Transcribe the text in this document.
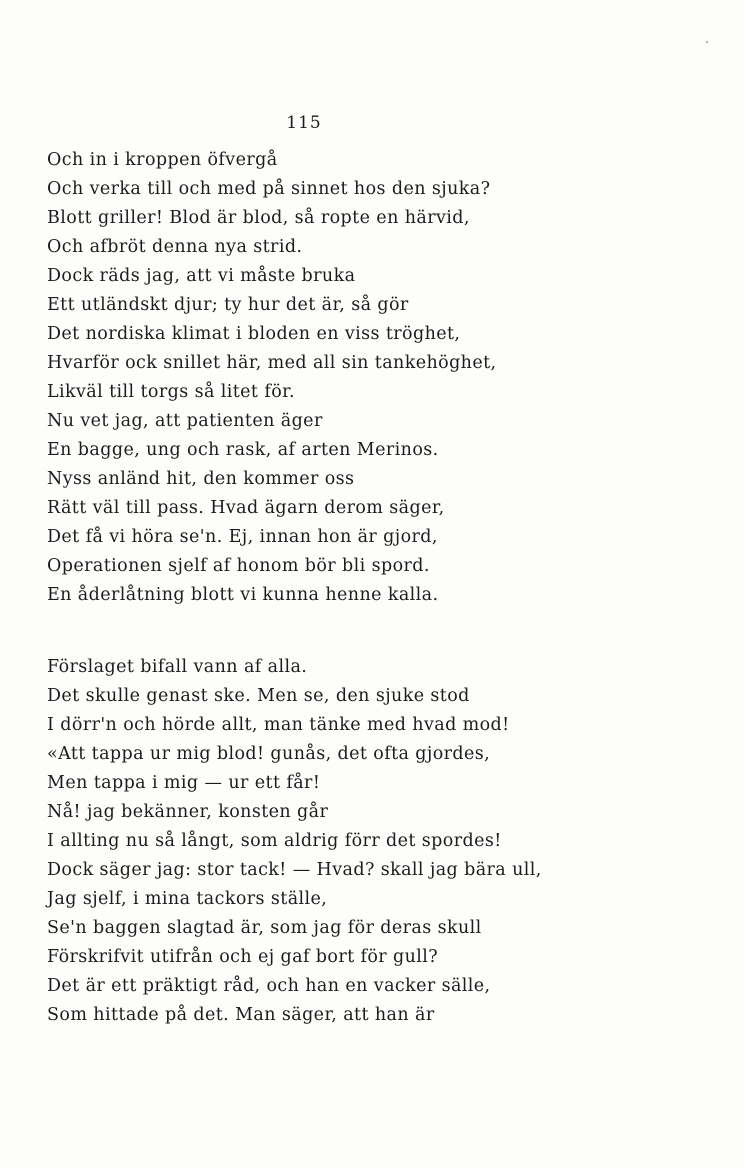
115
Och in i kroppen öfvergå
Och verka till och med på sinnet hos den sjuka?
Blott griller! Blod är blod, så ropte en härvid,
Och afbröt denna nya strid.
Dock räds jag, att vi måste bruka
Ett utländskt djur; ty hur det är, så gör
Det nordiska klimat i bloden en viss tröghet,
Hvarför ock snillet här, med all sin tankehöghet,
Likväl till torgs så litet för.
Nu vet jag, att patienten äger
En bagge, ung och rask, af arten Merinos.
Nyss anländ hit, den kommer oss
Rätt väl till pass. Hvad ägarn derom säger,
Det få vi höra se'n. Ej, innan hon är gjord,
Operationen sjelf af honom bör bli spord.
En åderlåtning blott vi kunna henne kalla.
Förslaget bifall vann af alla.
Det skulle genast ske. Men se, den sjuke stod
I dörr'n och hörde allt, man tänke med hvad mod!
«Att tappa ur mig blod! gunås, det ofta gjordes,
Men tappa i mig — ur ett får!
Nå! jag bekänner, konsten går
I allting nu så långt, som aldrig förr det spordes!
Dock säger jag: stor tack! — Hvad? skall jag bära ull,
Jag sjelf, i mina tackors ställe,
Se'n baggen slagtad är, som jag för deras skull
Förskrifvit utifrån och ej gaf bort för gull?
Det är ett präktigt råd, och han en vacker sälle,
Som hittade på det. Man säger, att han är
